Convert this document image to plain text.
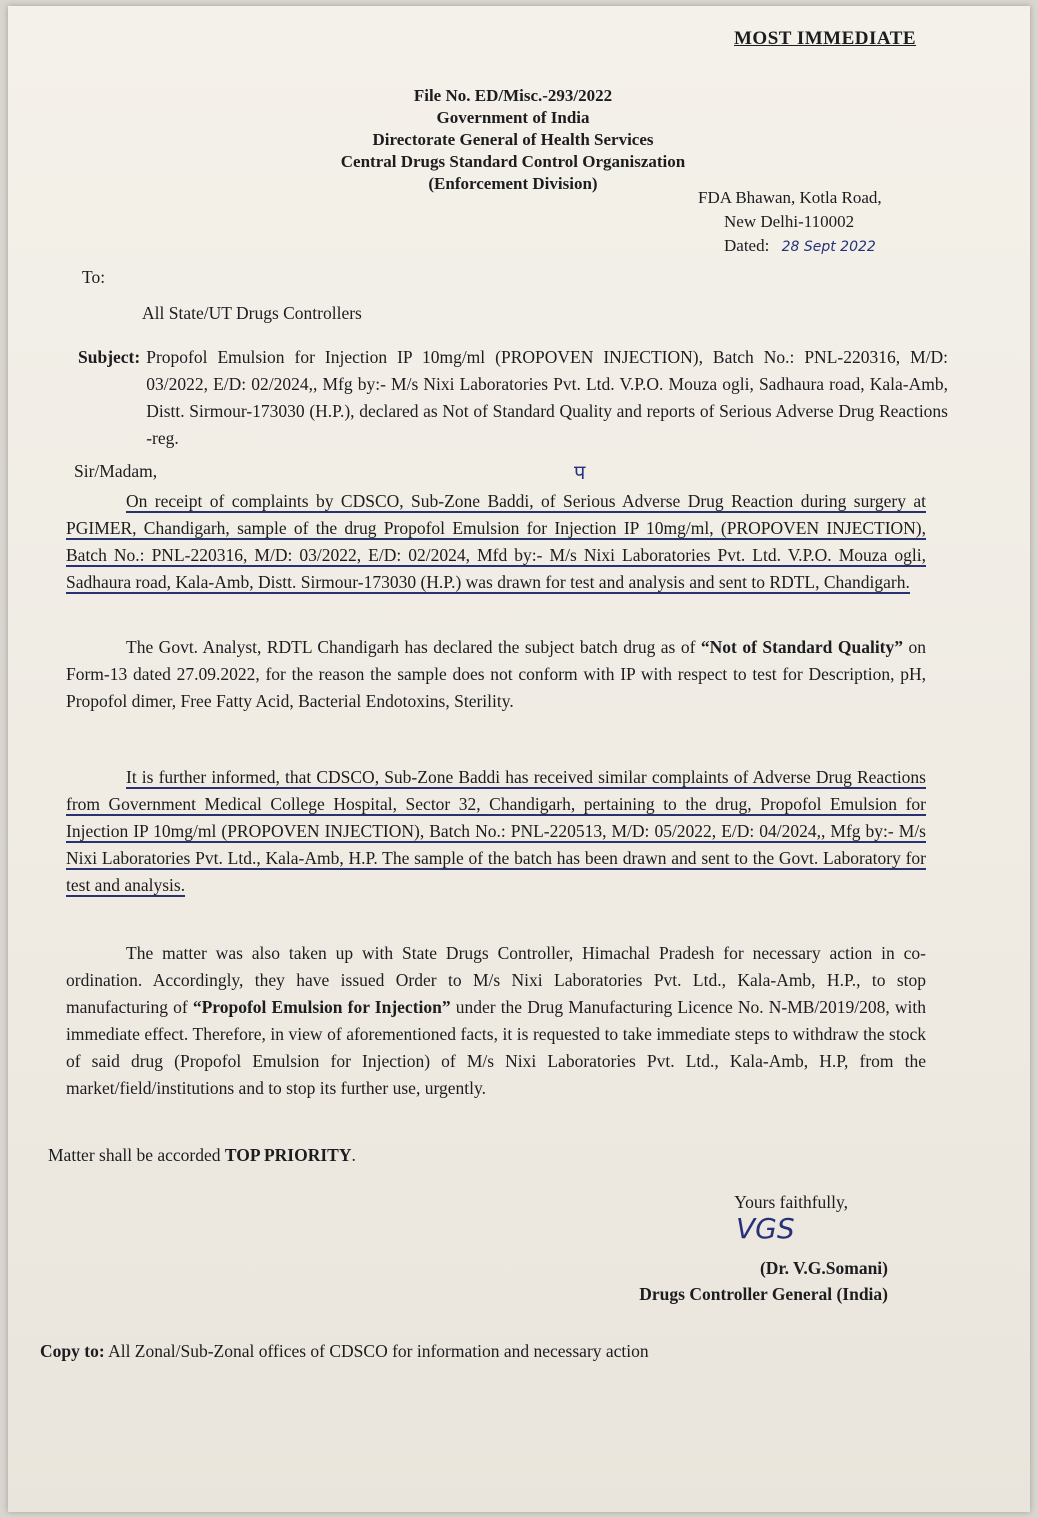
MOST IMMEDIATE
File No. ED/Misc.-293/2022
Government of India
Directorate General of Health Services
Central Drugs Standard Control Organiszation
(Enforcement Division)
FDA Bhawan, Kotla Road,
New Delhi-110002
Dated: 28 Sept 2022
To:
All State/UT Drugs Controllers
Subject: Propofol Emulsion for Injection IP 10mg/ml (PROPOVEN INJECTION), Batch No.: PNL-220316, M/D: 03/2022, E/D: 02/2024,, Mfg by:- M/s Nixi Laboratories Pvt. Ltd. V.P.O. Mouza ogli, Sadhaura road, Kala-Amb, Distt. Sirmour-173030 (H.P.), declared as Not of Standard Quality and reports of Serious Adverse Drug Reactions -reg.
Sir/Madam,	प
On receipt of complaints by CDSCO, Sub-Zone Baddi, of Serious Adverse Drug Reaction during surgery at PGIMER, Chandigarh, sample of the drug Propofol Emulsion for Injection IP 10mg/ml, (PROPOVEN INJECTION), Batch No.: PNL-220316, M/D: 03/2022, E/D: 02/2024, Mfd by:- M/s Nixi Laboratories Pvt. Ltd. V.P.O. Mouza ogli, Sadhaura road, Kala-Amb, Distt. Sirmour-173030 (H.P.) was drawn for test and analysis and sent to RDTL, Chandigarh.
The Govt. Analyst, RDTL Chandigarh has declared the subject batch drug as of “Not of Standard Quality” on Form-13 dated 27.09.2022, for the reason the sample does not conform with IP with respect to test for Description, pH, Propofol dimer, Free Fatty Acid, Bacterial Endotoxins, Sterility.
It is further informed, that CDSCO, Sub-Zone Baddi has received similar complaints of Adverse Drug Reactions from Government Medical College Hospital, Sector 32, Chandigarh, pertaining to the drug, Propofol Emulsion for Injection IP 10mg/ml (PROPOVEN INJECTION), Batch No.: PNL-220513, M/D: 05/2022, E/D: 04/2024,, Mfg by:- M/s Nixi Laboratories Pvt. Ltd., Kala-Amb, H.P. The sample of the batch has been drawn and sent to the Govt. Laboratory for test and analysis.
The matter was also taken up with State Drugs Controller, Himachal Pradesh for necessary action in co-ordination. Accordingly, they have issued Order to M/s Nixi Laboratories Pvt. Ltd., Kala-Amb, H.P., to stop manufacturing of “Propofol Emulsion for Injection” under the Drug Manufacturing Licence No. N-MB/2019/208, with immediate effect. Therefore, in view of aforementioned facts, it is requested to take immediate steps to withdraw the stock of said drug (Propofol Emulsion for Injection) of M/s Nixi Laboratories Pvt. Ltd., Kala-Amb, H.P, from the market/field/institutions and to stop its further use, urgently.
Matter shall be accorded TOP PRIORITY.
Yours faithfully,
VGS
(Dr. V.G.Somani)
Drugs Controller General (India)
Copy to: All Zonal/Sub-Zonal offices of CDSCO for information and necessary action
